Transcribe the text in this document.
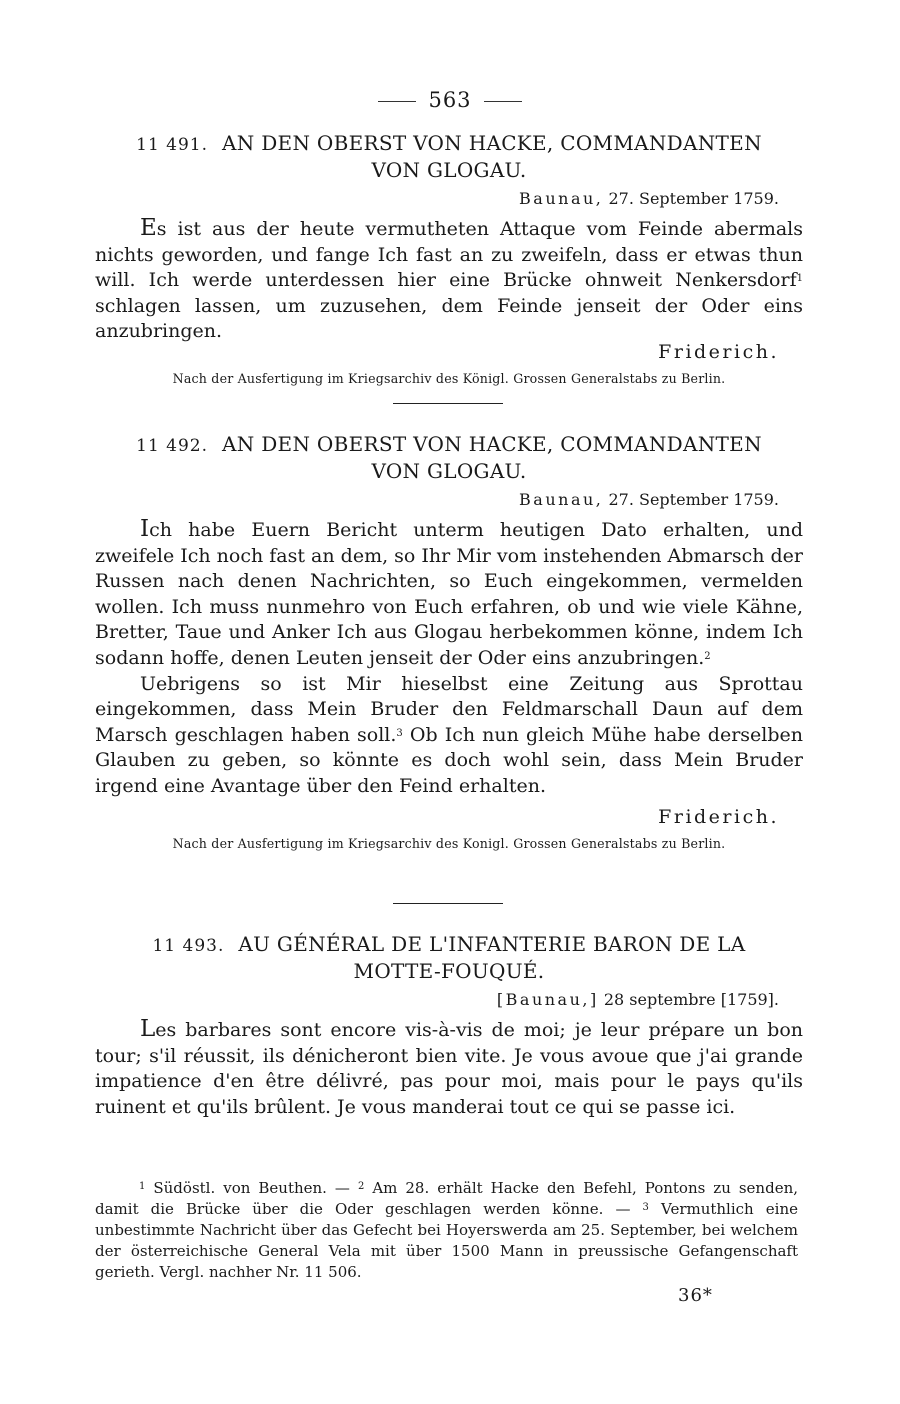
563
11 491. AN DEN OBERST VON HACKE, COMMANDANTEN
VON GLOGAU.
Baunau, 27. September 1759.

Es ist aus der heute vermutheten Attaque vom Feinde abermals nichts geworden, und fange Ich fast an zu zweifeln, dass er etwas thun will. Ich werde unterdessen hier eine Brücke ohnweit Nenkersdorf$^1$ schlagen lassen, um zuzusehen, dem Feinde jenseit der Oder eins anzubringen.

Friderich.
Nach der Ausfertigung im Kriegsarchiv des Königl. Grossen Generalstabs zu Berlin.
11 492. AN DEN OBERST VON HACKE, COMMANDANTEN
VON GLOGAU.
Baunau, 27. September 1759.

Ich habe Euern Bericht unterm heutigen Dato erhalten, und zweifele Ich noch fast an dem, so Ihr Mir vom instehenden Abmarsch der Russen nach denen Nachrichten, so Euch eingekommen, vermelden wollen. Ich muss nunmehro von Euch erfahren, ob und wie viele Kähne, Bretter, Taue und Anker Ich aus Glogau herbekommen könne, indem Ich sodann hoffe, denen Leuten jenseit der Oder eins anzubringen.$^2$

Uebrigens so ist Mir hieselbst eine Zeitung aus Sprottau eingekommen, dass Mein Bruder den Feldmarschall Daun auf dem Marsch geschlagen haben soll.$^3$ Ob Ich nun gleich Mühe habe derselben Glauben zu geben, so könnte es doch wohl sein, dass Mein Bruder irgend eine Avantage über den Feind erhalten.

Friderich.
Nach der Ausfertigung im Kriegsarchiv des Konigl. Grossen Generalstabs zu Berlin.
11 493. AU GÉNÉRAL DE L'INFANTERIE BARON DE LA
MOTTE-FOUQUÉ.
[Baunau,] 28 septembre [1759].

Les barbares sont encore vis-à-vis de moi; je leur prépare un bon tour; s'il réussit, ils dénicheront bien vite. Je vous avoue que j'ai grande impatience d'en être délivré, pas pour moi, mais pour le pays qu'ils ruinent et qu'ils brûlent. Je vous manderai tout ce qui se passe ici.

$^1$ Südöstl. von Beuthen. — $^2$ Am 28. erhält Hacke den Befehl, Pontons zu senden, damit die Brücke über die Oder geschlagen werden könne. — $^3$ Vermuthlich eine unbestimmte Nachricht über das Gefecht bei Hoyerswerda am 25. September, bei welchem der österreichische General Vela mit über 1500 Mann in preussische Gefangenschaft gerieth. Vergl. nachher Nr. 11 506.
36*
